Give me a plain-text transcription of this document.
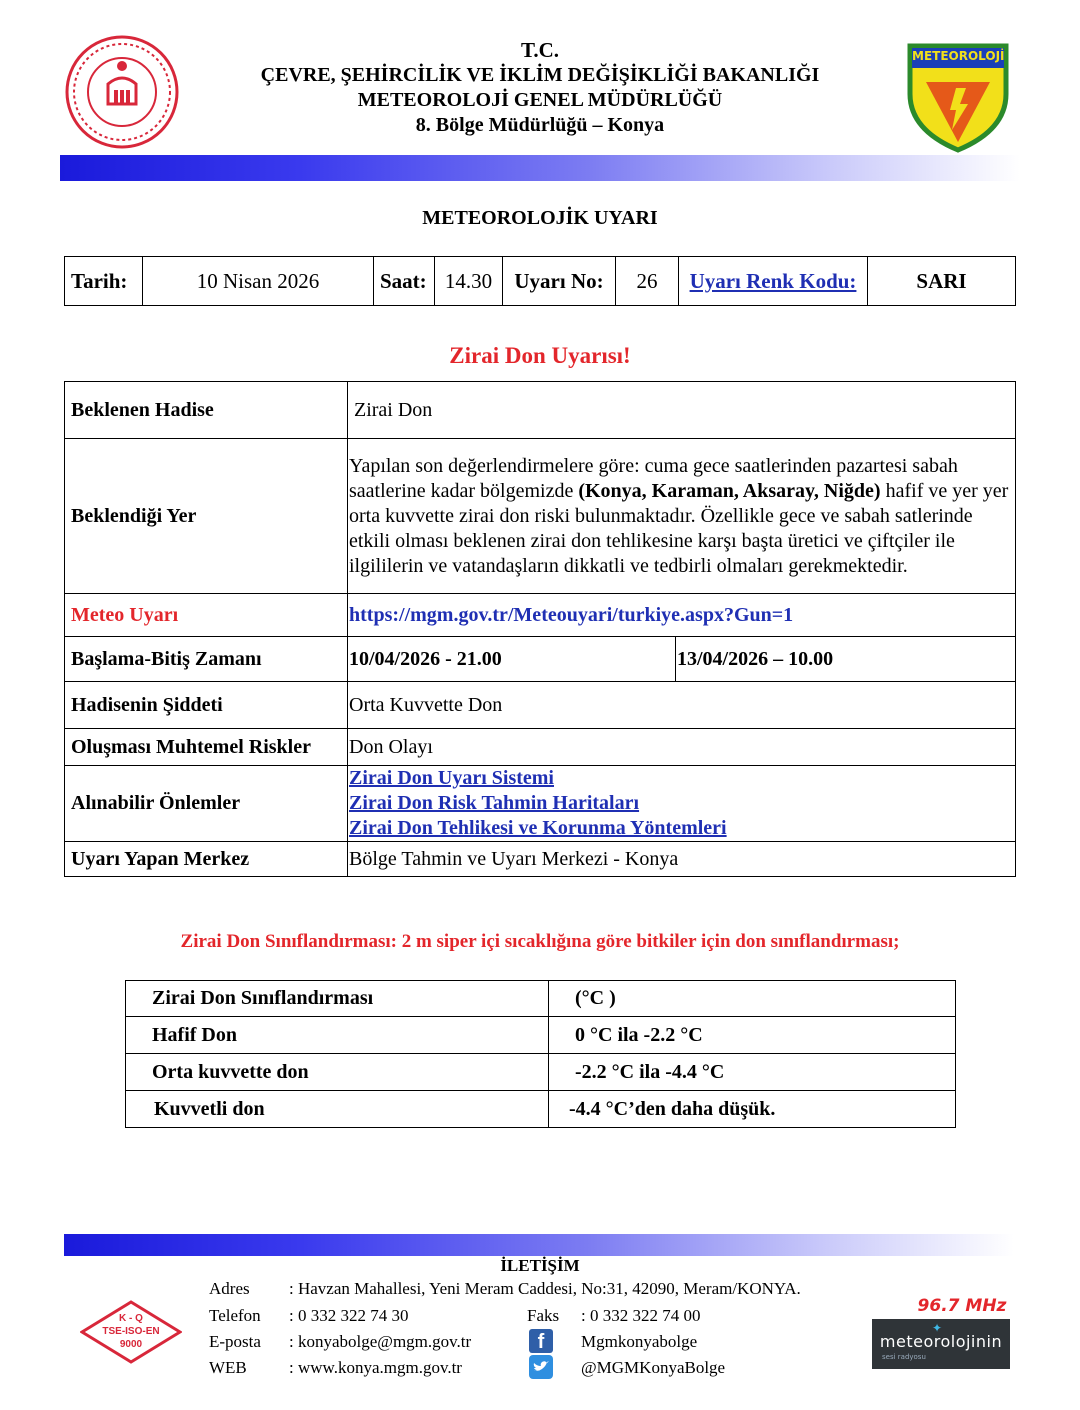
T.C.
ÇEVRE, ŞEHİRCİLİK VE İKLİM DEĞİŞİKLİĞİ BAKANLIĞI
METEOROLOJİ GENEL MÜDÜRLÜĞÜ
8. Bölge Müdürlüğü – Konya
METEOROLOJİ
METEOROLOJİK UYARI
Tarih:	10 Nisan 2026	Saat:	14.30	Uyarı No:	26	Uyarı Renk Kodu:	SARI
Zirai Don Uyarısı!
Beklenen Hadise	Zirai Don	
Beklendiği Yer	Yapılan son değerlendirmelere göre: cuma gece saatlerinden pazartesi sabah saatlerine kadar bölgemizde (Konya, Karaman, Aksaray, Niğde) hafif ve yer yer orta kuvvette zirai don riski bulunmaktadır. Özellikle gece ve sabah satlerinde etkili olması beklenen zirai don tehlikesine karşı başta üretici ve çiftçiler ile ilgililerin ve vatandaşların dikkatli ve tedbirli olmaları gerekmektedir.	
Meteo Uyarı	https://mgm.gov.tr/Meteouyari/turkiye.aspx?Gun=1	
Başlama-Bitiş Zamanı	10/04/2026 - 21.00	13/04/2026 – 10.00
Hadisenin Şiddeti	Orta Kuvvette Don	
Oluşması Muhtemel Riskler	Don Olayı	
Alınabilir Önlemler	Zirai Don Uyarı Sistemi
Zirai Don Risk Tahmin Haritaları
Zirai Don Tehlikesi ve Korunma Yöntemleri	

Uyarı Yapan Merkez	Bölge Tahmin ve Uyarı Merkezi - Konya	
Zirai Don Sınıflandırması: 2 m siper içi sıcaklığına göre bitkiler için don sınıflandırması;
Zirai Don Sınıflandırması	(°C )
Hafif Don	0 °C ila -2.2 °C
Orta kuvvette don	-2.2 °C ila -4.4 °C
Kuvvetli don	-4.4 °C’den daha düşük.
İLETİŞİM
K - Q
TSE-ISO-EN
9000
Adres : Havzan Mahallesi, Yeni Meram Caddesi, No:31, 42090, Meram/KONYA.
Telefon : 0 332 322 74 30	Faks : 0 332 322 74 00
E-posta : konyabolge@mgm.gov.tr	f	Mgmkonyabolge
WEB : www.konya.mgm.gov.tr	@MGMKonyaBolge
96.7 MHz
✦
meteorolojinin
sesi radyosu
